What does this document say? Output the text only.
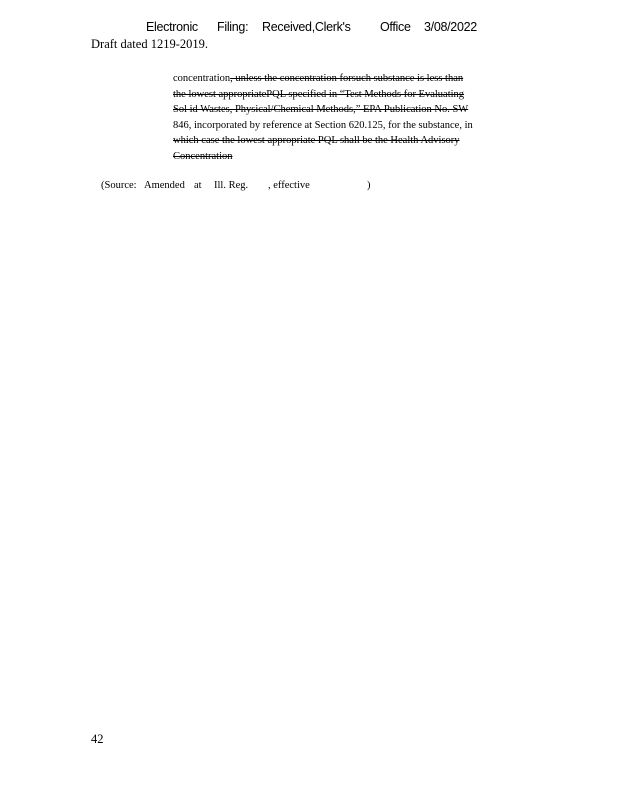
Electronic Filing: Received,Clerk's Office 3/08/2022
Draft dated 1219-2019.
concentration, unless the concentration forsuch substance is less than
the lowest appropriatePQL specified in “Test Methods for Evaluating
Sol id Wastes, Physical/Chemical Methods,” EPA Publication No. SW
846, incorporated by reference at Section 620.125, for the substance, in
which case the lowest appropriate PQL shall be the Health Advisory
Concentration
(Source: Amended at Ill. Reg. , effective	)
42
